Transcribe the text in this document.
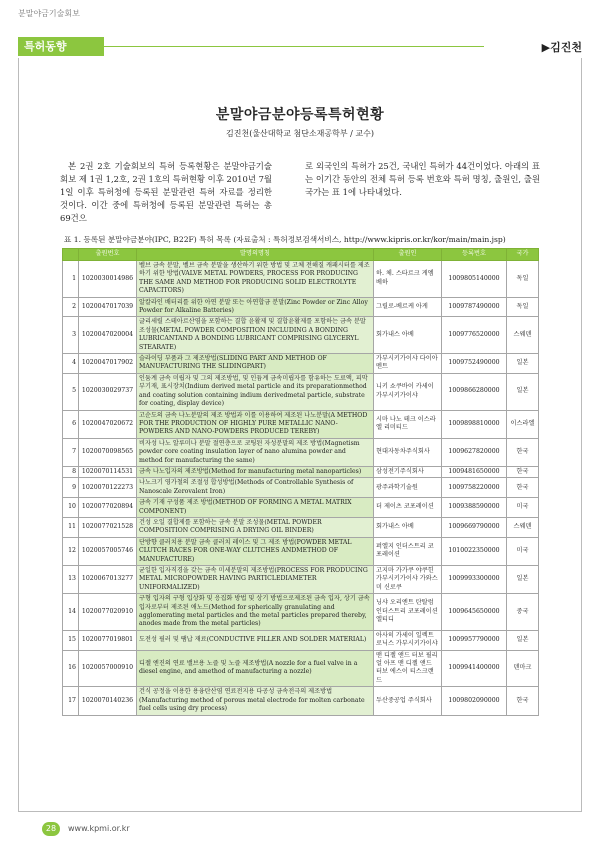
분말야금기술회보
특허동향	▶김진천
분말야금분야등록특허현황
김진천(울산대학교 첨단소재공학부 / 교수)
본 2권 2호 기술회보의 특허 등록현황은 분말야금기술회보 제 1권 1,2호, 2권 1호의 특허현황 이후 2010년 7월 1일 이후 특허청에 등록된 분말관련 특허 자료를 정리한 것이다. 이간 중에 특허청에 등록된 분말관련 특허는 총 69건으
로 외국인의 특허가 25건, 국내인 특허가 44건이었다. 아래의 표는 이기간 동안의 전체 특허 등록 번호와 특허 명칭, 출원인, 출원국가는 표 1에 나타내었다.
표 1. 등록된 분말야금분야(IPC, B22F) 특허 목록 (자료출처 : 특허정보검색서비스, http://www.kipris.or.kr/kor/main/main.jsp)
	출원번호	발명의명칭	출원인	등록번호	국가
1	1020030014986	벨브 금속 분말, 벨브 금속 분말을 생산하기 위한 방법 및 고체 전해질 캐패시터를 제조하기 위한 방법(VALVE METAL POWDERS, PROCESS FOR PRODUCING THE SAME AND METHOD FOR PRODUCING SOLID ELECTROLYTE CAPACITORS)	하. 체. 스타르크 게엠베하	1009805140000	독일
2	1020047017039	알칼라인 배터리를 위한 아연 분말 또는 아연합금 분말(Zinc Powder or Zinc Alloy Powder for Alkaline Batteries)	그릴로-베르케 아게	1009787490000	독일
3	1020047020004	글리세릴 스테아르산염을 포함하는 결합 윤활제 및 결합윤활제를 포함하는 금속 분말 조성물(METAL POWDER COMPOSITION INCLUDING A BONDING LUBRICANTAND A BONDING LUBRICANT COMPRISING GLYCERYL STEARATE)	회가내스 아베	1009776520000	스웨덴
4	1020047017902	슬라이딩 부품과 그 제조방법(SLIDING PART AND METHOD OF MANUFACTURING THE SLIDINGPART)	가부시키가이샤 다이아멘트	1009752490000	일본
5	1020030029737	인듐계 금속 미립자 및 그의 제조방법, 및 인듐계 금속미립자를 함유하는 도료액, 피막부기재, 표시장치(Indium derived metal particle and its preparationmethod and coating solution containing indium derivedmetal particle, substrate for coating, display device)	니키 쇼쿠바이 카세이 가부시키가이샤	1009866280000	일본
6	1020047020672	고순도의 금속 나노분말의 제조 방법과 이를 이용하여 제조된 나노분말(A METHOD FOR THE PRODUCTION OF HIGHLY PURE METALLIC NANO-POWDERS AND NANO-POWDERS PRODUCED TEREBY)	시마 나노 테크 이스라엘 리미티드	1009898810000	이스라엘
7	1020070098565	비자성 나노 알루미나 분말 절연층으로 코팅된 자성분말의 제조 방법(Magnetism powder core coating insulation layer of nano alumina powder and method for manufacturing the same)	현대자동차주식회사	1009627820000	한국
8	1020070114531	금속 나노입자의 제조방법(Method for manufacturing metal nanoparticles)	삼성전기주식회사	1009481650000	한국
9	1020070122273	나노크기 영가철의 조절성 합성방법(Methods of Controllable Synthesis of Nanoscale Zerovalent Iron)	광주과학기술원	1009758220000	한국
10	1020077020894	금속 기재 구성품 제조 방법(METHOD OF FORMING A METAL MATRIX COMPONENT)	더 제이츠 코포레이션	1009388590000	미국
11	1020077021528	건성 오일 결합제를 포함하는 금속 분말 조성물(METAL POWDER COMPOSITION COMPRISING A DRYING OIL BINDER)	회가내스 아베	1009669790000	스웨덴
12	1020057005746	단방향 클러치용 분말 금속 클러치 레이스 및 그 제조 방법(POWDER METAL CLUTCH RACES FOR ONE-WAY CLUTCHES ANDMETHOD OF MANUFACTURE)	퍼엘지 인더스트리 코포레이션	1010022350000	미국
13	1020067013277	균일한 입자직경을 갖는 금속 미세분말의 제조방법(PROCESS FOR PRODUCING METAL MICROPOWDER HAVING PARTICLEDIAMETER UNIFORMALIZED)	고지마 가가쿠 야쿠힌 가부시키가이샤 가와스미 신로쿠	1009993300000	일본
14	1020077020910	구형 입자의 구형 입상화 및 응집화 방법 및 상기 방법으로제조된 금속 입자, 상기 금속 입자로부터 제조된 애노드(Method for spherically granulating and agglomerating metal particles and the metal particles prepared thereby, anodes made from the metal particles)	닝샤 오리엔트 탄탈럼 인더스트리 코포레이션 엘티디	1009645650000	중국
15	1020077019801	도전성 필러 및 땜납 재료(CONDUCTIVE FILLER AND SOLDER MATERIAL)	아사히 가세이 일렉트로닉스 가부시키가이샤	1009957790000	일본
16	1020057000910	디젤 엔진의 연료 밸브용 노즐 및 노즐 제조방법(A nozzle for a fuel valve in a diesel engine, and amethod of manufacturing a nozzle)	맨 디젤 앤드 터보 필리얼 아프 맨 디젤 앤드 터보 에스이 티스크랜드	1009941400000	덴마크
17	1020070140236	건식 공정을 이용한 용융탄산염 연료전지용 다공성 금속전극의 제조방법(Manufacturing method of porous metal electrode for molten carbonate fuel cells using dry process)	두산중공업 주식회사	1009802090000	한국
28	www.kpmi.or.kr
